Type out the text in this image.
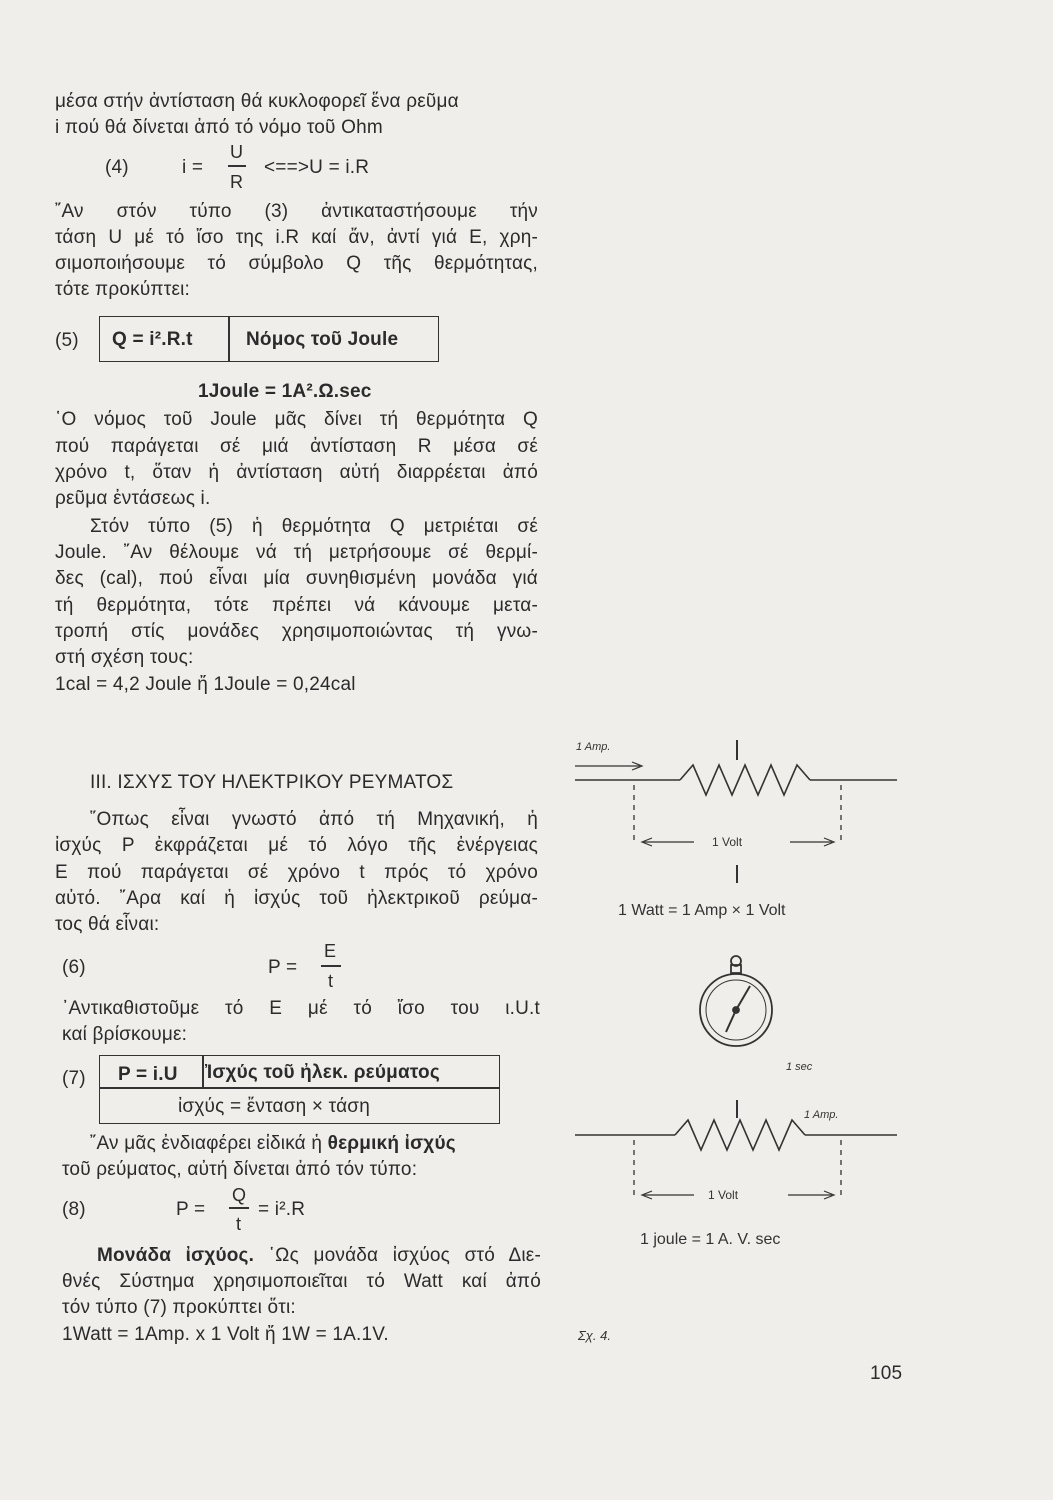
μέσα στήν ἀντίσταση θά κυκλοφορεῖ ἕνα ρεῦμα
i πού θά δίνεται ἀπό τό νόμο τοῦ Ohm
(4)	i =
U
R
<==>U = i.R
῎Αν στόν τύπο (3) ἀντικαταστήσουμε τήν
τάση U μέ τό ἴσο της i.R καί ἄν, ἀντί γιά E, χρη-
σιμοποιήσουμε τό σύμβολο Q τῆς θερμότητας,
τότε προκύπτει:
(5) Q = i².R.t	Νόμος τοῦ Joule
1Joule = 1A².Ω.sec
῾Ο νόμος τοῦ Joule μᾶς δίνει τή θερμότητα Q
πού παράγεται σέ μιά ἀντίσταση R μέσα σέ
χρόνο t, ὅταν ἡ ἀντίσταση αὐτή διαρρέεται ἀπό
ρεῦμα ἐντάσεως i.
Στόν τύπο (5) ἡ θερμότητα Q μετριέται σέ
Joule. ῎Αν θέλουμε νά τή μετρήσουμε σέ θερμί-
δες (cal), πού εἶναι μία συνηθισμένη μονάδα γιά
τή θερμότητα, τότε πρέπει νά κάνουμε μετα-
τροπή στίς μονάδες χρησιμοποιώντας τή γνω-
στή σχέση τους:
1cal = 4,2 Joule ἤ 1Joule = 0,24cal
III. ΙΣΧΥΣ ΤΟΥ ΗΛΕΚΤΡΙΚΟΥ ΡΕΥΜΑΤΟΣ
῞Οπως εἶναι γνωστό ἀπό τή Μηχανική, ἡ
ἰσχύς P ἐκφράζεται μέ τό λόγο τῆς ἐνέργειας
E πού παράγεται σέ χρόνο t πρός τό χρόνο
αὐτό. ῎Αρα καί ἡ ἰσχύς τοῦ ἠλεκτρικοῦ ρεύμα-
τος θά εἶναι:
(6)	P =
E
t
᾿Αντικαθιστοῦμε τό E μέ τό ἴσο του ι.U.t
καί βρίσκουμε:
(7) P = i.U Ἰσχύς τοῦ ἠλεκ. ρεύματος
ἰσχύς = ἔνταση × τάση
῎Αν μᾶς ἐνδιαφέρει εἰδικά ἡ θερμική ἰσχύς
τοῦ ρεύματος, αὐτή δίνεται ἀπό τόν τύπο:
(8)	P =
Q
t
= i².R
Μονάδα ἰσχύος. ῾Ως μονάδα ἰσχύος στό Διε-
θνές Σύστημα χρησιμοποιεῖται τό Watt καί ἀπό
τόν τύπο (7) προκύπτει ὅτι:
1Watt = 1Amp. x 1 Volt ἤ 1W = 1A.1V.
1 Amp.
1 Volt
1 Watt = 1 Amp × 1 Volt
1 sec
1 Amp.
1 Volt
1 joule = 1 A. V. sec
Σχ. 4.
105
